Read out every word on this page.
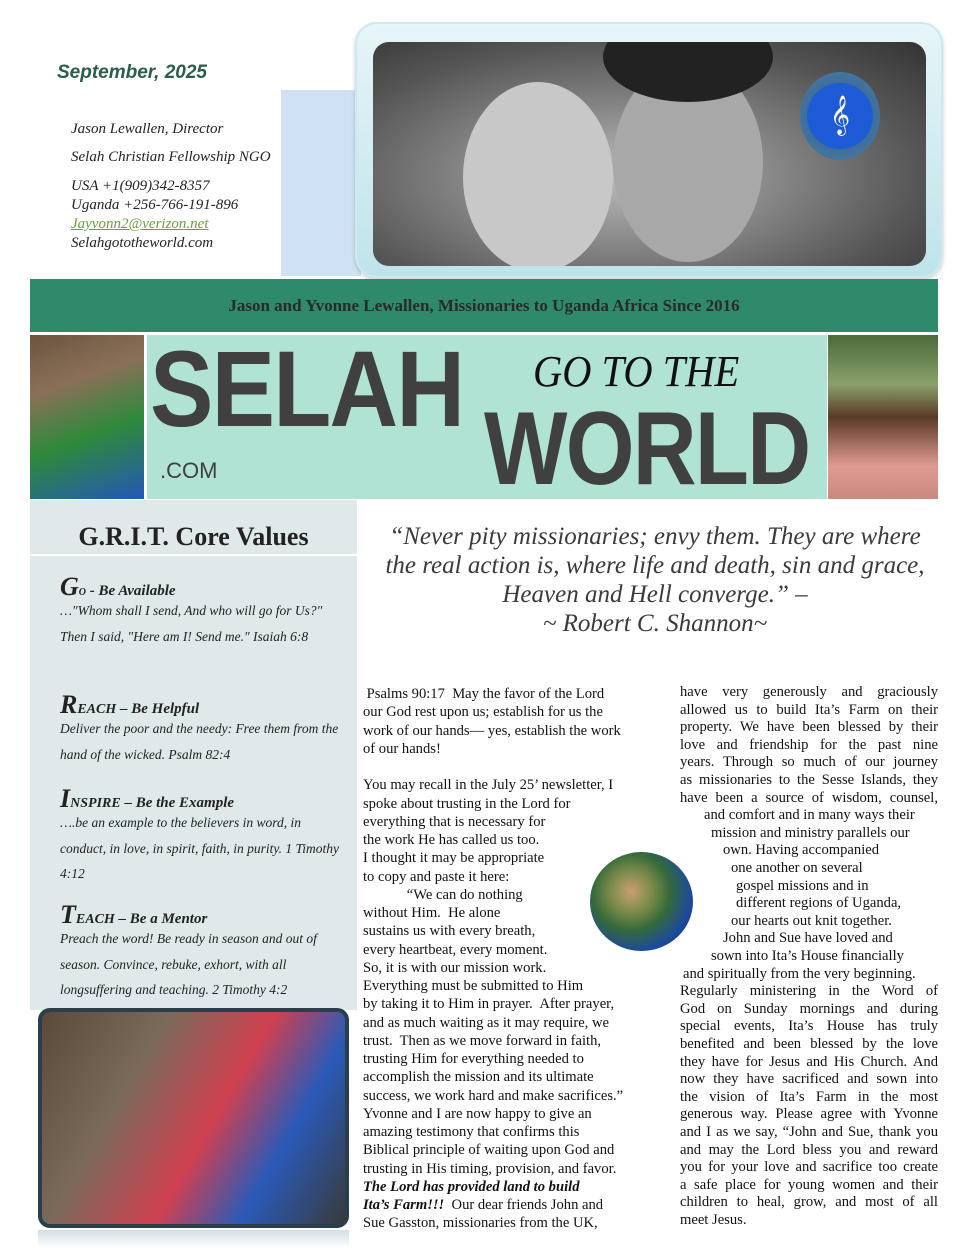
September, 2025
Jason Lewallen, Director
Selah Christian Fellowship NGO
USA +1(909)342-8357
Uganda +256-766-191-896
Jayvonn2@verizon.net
Selahgototheworld.com
𝄞
Jason and Yvonne Lewallen, Missionaries to Uganda Africa Since 2016
SELAH GO TO THE
WORLD
.COM
G.R.I.T. Core Values
Go - Be Available
…"Whom shall I send, And who will go for Us?" Then I said, "Here am I! Send me." Isaiah 6:8
REACH – Be Helpful
Deliver the poor and the needy: Free them from the hand of the wicked. Psalm 82:4
INSPIRE – Be the Example
….be an example to the believers in word, in conduct, in love, in spirit, faith, in purity. 1 Timothy 4:12
TEACH – Be a Mentor
Preach the word! Be ready in season and out of season. Convince, rebuke, exhort, with all longsuffering and teaching. 2 Timothy 4:2
“Never pity missionaries; envy them. They are where the real action is, where life and death, sin and grace, Heaven and Hell converge.” –
~ Robert C. Shannon~
Psalms 90:17  May the favor of the Lord
our God rest upon us; establish for us the
work of our hands— yes, establish the work
of our hands!
You may recall in the July 25’ newsletter, I
spoke about trusting in the Lord for
everything that is necessary for
the work He has called us too.
I thought it may be appropriate
to copy and paste it here:
“We can do nothing
without Him.  He alone
sustains us with every breath,
every heartbeat, every moment.
So, it is with our mission work.
Everything must be submitted to Him
by taking it to Him in prayer.  After prayer,
and as much waiting as it may require, we
trust.  Then as we move forward in faith,
trusting Him for everything needed to
accomplish the mission and its ultimate
success, we work hard and make sacrifices.”
Yvonne and I are now happy to give an
amazing testimony that confirms this
Biblical principle of waiting upon God and
trusting in His timing, provision, and favor.
The Lord has provided land to build
Ita’s Farm!!!  Our dear friends John and
Sue Gasston, missionaries from the UK,
have very generously and graciously
allowed us to build Ita’s Farm on their
property. We have been blessed by their
love and friendship for the past nine
years. Through so much of our journey
as missionaries to the Sesse Islands, they
have been a source of wisdom, counsel,
and comfort and in many ways their
mission and ministry parallels our
own. Having accompanied
one another on several
gospel missions and in
different regions of Uganda,
our hearts out knit together.
John and Sue have loved and
sown into Ita’s House financially
and spiritually from the very beginning.
Regularly ministering in the Word of
God on Sunday mornings and during
special events, Ita’s House has truly
benefited and been blessed by the love
they have for Jesus and His Church. And
now they have sacrificed and sown into
the vision of Ita’s Farm in the most
generous way. Please agree with Yvonne
and I as we say, “John and Sue, thank you
and may the Lord bless you and reward
you for your love and sacrifice too create
a safe place for young women and their
children to heal, grow, and most of all
meet Jesus.
